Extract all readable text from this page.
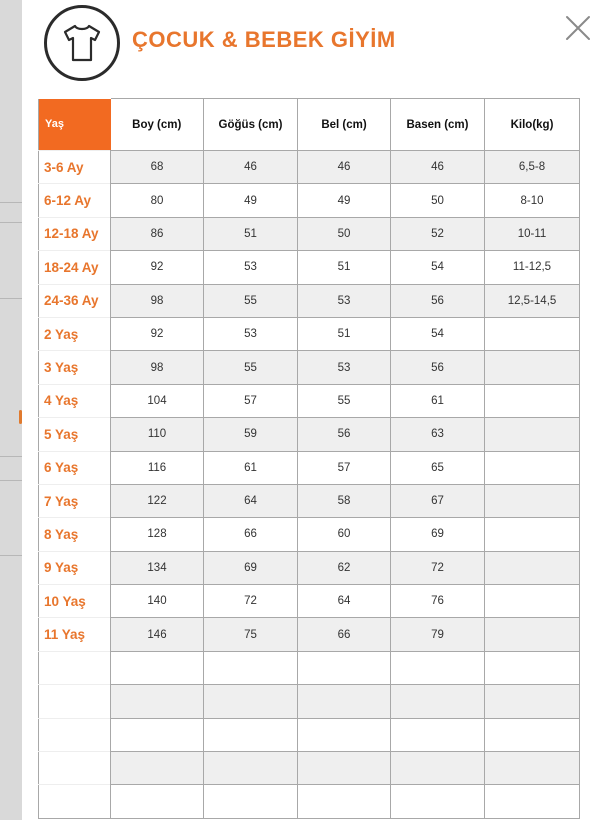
ÇOCUK & BEBEK GİYİM
Yaş	Boy (cm)	Göğüs (cm)	Bel (cm)	Basen (cm)	Kilo(kg)
3-6 Ay	68	46	46	46	6,5-8
6-12 Ay	80	49	49	50	8-10
12-18 Ay	86	51	50	52	10-11
18-24 Ay	92	53	51	54	11-12,5
24-36 Ay	98	55	53	56	12,5-14,5
2 Yaş	92	53	51	54	
3 Yaş	98	55	53	56	
4 Yaş	104	57	55	61	
5 Yaş	110	59	56	63	
6 Yaş	116	61	57	65	
7 Yaş	122	64	58	67	
8 Yaş	128	66	60	69	
9 Yaş	134	69	62	72	
10 Yaş	140	72	64	76	
11 Yaş	146	75	66	79	
